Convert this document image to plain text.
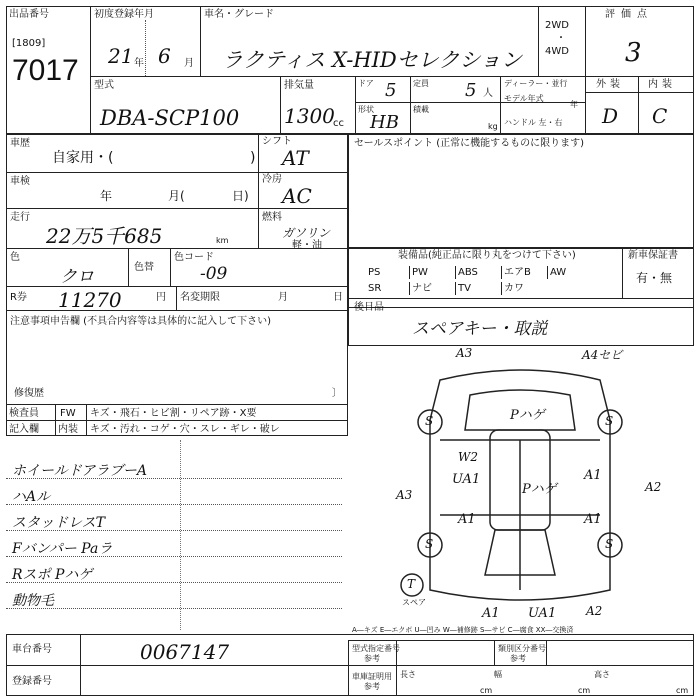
出品番号
[1809]
7017
初度登録年月
21 年 6 月
車名・グレード
ラクティス X-HIDセレクション
2WD
・
4WD
評価点
3
型式
DBA-SCP100
排気量
1300
cc
ドア 5 定員 5 人
形状
HB
積載
kg
ディーラー・並行
モデル年式
年
ハンドル 左・右
外装 内装
D C
車歴
自家用・(	)
車検
年	月(	日)
走行
22万5千685	km
色
クロ	色替
色コード
-09
R券 11270	円 名変期限	月	日
注意事項申告欄 (不具合内容等は具体的に記入して下さい)
修復歴	〕
検査員
記入欄
FW キズ・飛石・ヒビ割・リペア跡・X要
内装 キズ・汚れ・コゲ・穴・スレ・ギレ・破レ
シフト
AT
冷房
AC
燃料
ガソリン
軽・油
セールスポイント (正常に機能するものに限ります)
装備品(純正品に限り丸をつけて下さい)	新車保証書
有・無
PS	PW	ABS	エアB	AW
SR	ナビ	TV	カワ
後日品
スペアキー・取説
ホイールドアラブーA
ハAル
スタッドレスT
Fバンパー Paラ
Rスポ Pハゲ
動物毛
A3	A4セビ
Pハゲ
W2
UA1
Pハゲ
A1
A2
A3
A1	A1
A1 UA1 A2
S	S
S	S
T
スペア
A―キズ E―エクボ U―凹み W―補修跡 S―サビ C―腐食 XX―交換済
車台番号	0067147
登録番号
型式指定番号
参考
類別区分番号
参考
車庫証明用
参考
長さ	幅	高さ
cm	cm	cm
